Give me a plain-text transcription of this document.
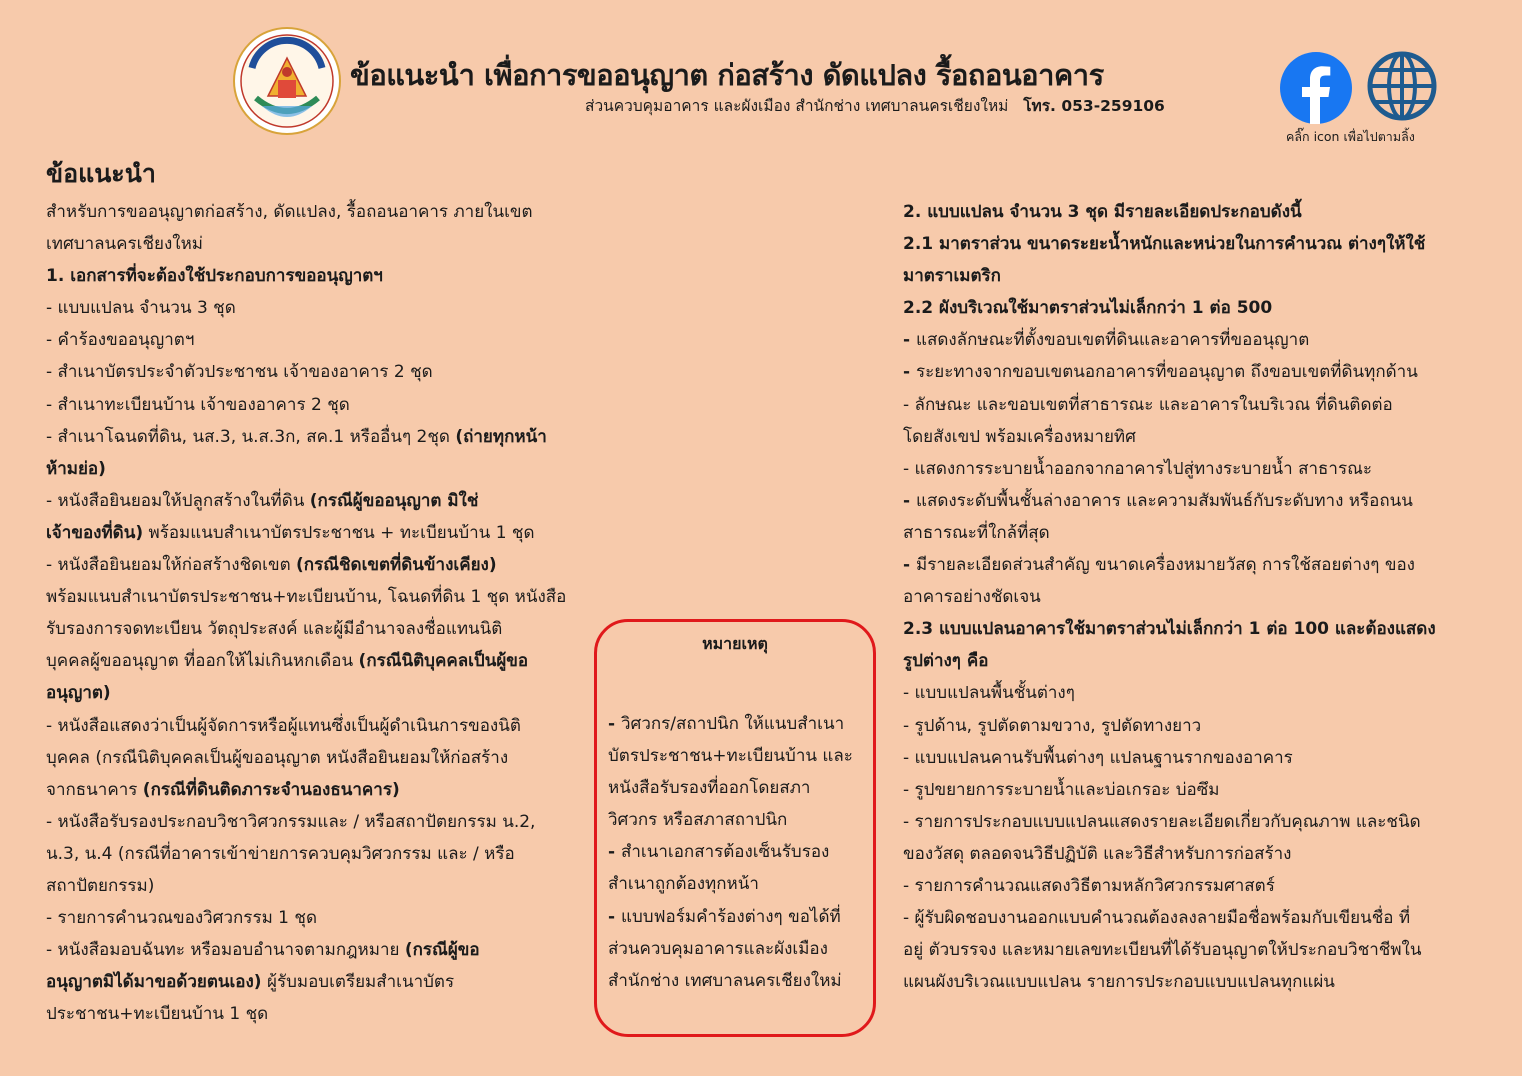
ข้อแนะนำ เพื่อการขออนุญาต ก่อสร้าง ดัดแปลง รื้อถอนอาคาร
ส่วนควบคุมอาคาร และผังเมือง สำนักช่าง เทศบาลนครเชียงใหม่ โทร. 053-259106
คลิ๊ก icon เพื่อไปตามลิ้ง
ข้อแนะนำ
สำหรับการขออนุญาตก่อสร้าง, ดัดแปลง, รื้อถอนอาคาร ภายในเขต
เทศบาลนครเชียงใหม่
1. เอกสารที่จะต้องใช้ประกอบการขออนุญาตฯ
- แบบแปลน จำนวน 3 ชุด
- คำร้องขออนุญาตฯ
- สำเนาบัตรประจำตัวประชาชน เจ้าของอาคาร 2 ชุด
- สำเนาทะเบียนบ้าน เจ้าของอาคาร 2 ชุด
- สำเนาโฉนดที่ดิน, นส.3, น.ส.3ก, สค.1 หรืออื่นๆ 2ชุด (ถ่ายทุกหน้า
ห้ามย่อ)
- หนังสือยินยอมให้ปลูกสร้างในที่ดิน (กรณีผู้ขออนุญาต มิใช่
เจ้าของที่ดิน) พร้อมแนบสำเนาบัตรประชาชน + ทะเบียนบ้าน 1 ชุด
- หนังสือยินยอมให้ก่อสร้างชิดเขต (กรณีชิดเขตที่ดินข้างเคียง)
พร้อมแนบสำเนาบัตรประชาชน+ทะเบียนบ้าน, โฉนดที่ดิน 1 ชุด หนังสือ
รับรองการจดทะเบียน วัตถุประสงค์ และผู้มีอำนาจลงชื่อแทนนิติ
บุคคลผู้ขออนุญาต ที่ออกให้ไม่เกินหกเดือน (กรณีนิติบุคคลเป็นผู้ขอ
อนุญาต)
- หนังสือแสดงว่าเป็นผู้จัดการหรือผู้แทนซึ่งเป็นผู้ดำเนินการของนิติ
บุคคล (กรณีนิติบุคคลเป็นผู้ขออนุญาต หนังสือยินยอมให้ก่อสร้าง
จากธนาคาร (กรณีที่ดินติดภาระจำนองธนาคาร)
- หนังสือรับรองประกอบวิชาวิศวกรรมและ / หรือสถาปัตยกรรม น.2,
น.3, น.4 (กรณีที่อาคารเข้าข่ายการควบคุมวิศวกรรม และ / หรือ
สถาปัตยกรรม)
- รายการคำนวณของวิศวกรรม 1 ชุด
- หนังสือมอบฉันทะ หรือมอบอำนาจตามกฎหมาย (กรณีผู้ขอ
อนุญาตมิได้มาขอด้วยตนเอง) ผู้รับมอบเตรียมสำเนาบัตร
ประชาชน+ทะเบียนบ้าน 1 ชุด
หมายเหตุ
- วิศวกร/สถาปนิก ให้แนบสำเนา
บัตรประชาชน+ทะเบียนบ้าน และ
หนังสือรับรองที่ออกโดยสภา
วิศวกร หรือสภาสถาปนิก
- สำเนาเอกสารต้องเซ็นรับรอง
สำเนาถูกต้องทุกหน้า
- แบบฟอร์มคำร้องต่างๆ ขอได้ที่
ส่วนควบคุมอาคารและผังเมือง
สำนักช่าง เทศบาลนครเชียงใหม่
2. แบบแปลน จำนวน 3 ชุด มีรายละเอียดประกอบดังนี้
2.1 มาตราส่วน ขนาดระยะน้ำหนักและหน่วยในการคำนวณ ต่างๆให้ใช้
มาตราเมตริก
2.2 ผังบริเวณใช้มาตราส่วนไม่เล็กกว่า 1 ต่อ 500
- แสดงลักษณะที่ตั้งขอบเขตที่ดินและอาคารที่ขออนุญาต
- ระยะทางจากขอบเขตนอกอาคารที่ขออนุญาต ถึงขอบเขตที่ดินทุกด้าน
- ลักษณะ และขอบเขตที่สาธารณะ และอาคารในบริเวณ ที่ดินติดต่อ
โดยสังเขป พร้อมเครื่องหมายทิศ
- แสดงการระบายน้ำออกจากอาคารไปสู่ทางระบายน้ำ สาธารณะ
- แสดงระดับพื้นชั้นล่างอาคาร และความสัมพันธ์กับระดับทาง หรือถนน
สาธารณะที่ใกล้ที่สุด
- มีรายละเอียดส่วนสำคัญ ขนาดเครื่องหมายวัสดุ การใช้สอยต่างๆ ของ
อาคารอย่างชัดเจน
2.3 แบบแปลนอาคารใช้มาตราส่วนไม่เล็กกว่า 1 ต่อ 100 และต้องแสดง
รูปต่างๆ คือ
- แบบแปลนพื้นชั้นต่างๆ
- รูปด้าน, รูปตัดตามขวาง, รูปตัดทางยาว
- แบบแปลนคานรับพื้นต่างๆ แปลนฐานรากของอาคาร
- รูปขยายการระบายน้ำและบ่อเกรอะ บ่อซึม
- รายการประกอบแบบแปลนแสดงรายละเอียดเกี่ยวกับคุณภาพ และชนิด
ของวัสดุ ตลอดจนวิธีปฏิบัติ และวิธีสำหรับการก่อสร้าง
- รายการคำนวณแสดงวิธีตามหลักวิศวกรรมศาสตร์
- ผู้รับผิดชอบงานออกแบบคำนวณต้องลงลายมือชื่อพร้อมกับเขียนชื่อ ที่
อยู่ ตัวบรรจง และหมายเลขทะเบียนที่ได้รับอนุญาตให้ประกอบวิชาชีพใน
แผนผังบริเวณแบบแปลน รายการประกอบแบบแปลนทุกแผ่น
